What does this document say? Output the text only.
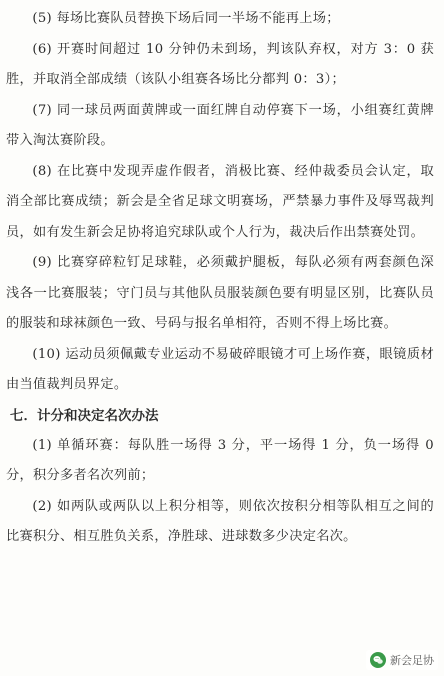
(5) 每场比赛队员替换下场后同一半场不能再上场；

(6) 开赛时间超过 10 分钟仍未到场，判该队弃权，对方 3：0 获胜，并取消全部成绩（该队小组赛各场比分都判 0：3）；

(7) 同一球员两面黄牌或一面红牌自动停赛下一场，小组赛红黄牌带入淘汰赛阶段。

(8) 在比赛中发现弄虚作假者，消极比赛、经仲裁委员会认定，取消全部比赛成绩；新会是全省足球文明赛场，严禁暴力事件及辱骂裁判员，如有发生新会足协将追究球队或个人行为，裁决后作出禁赛处罚。

(9) 比赛穿碎粒钉足球鞋，必须戴护腿板，每队必须有两套颜色深浅各一比赛服装；守门员与其他队员服装颜色要有明显区别，比赛队员的服装和球袜颜色一致、号码与报名单相符，否则不得上场比赛。

(10) 运动员须佩戴专业运动不易破碎眼镜才可上场作赛，眼镜质材由当值裁判员界定。

七．计分和决定名次办法

(1) 单循环赛：每队胜一场得 3 分，平一场得 1 分，负一场得 0 分，积分多者名次列前；

(2) 如两队或两队以上积分相等，则依次按积分相等队相互之间的比赛积分、相互胜负关系，净胜球、进球数多少决定名次。

新会足协
